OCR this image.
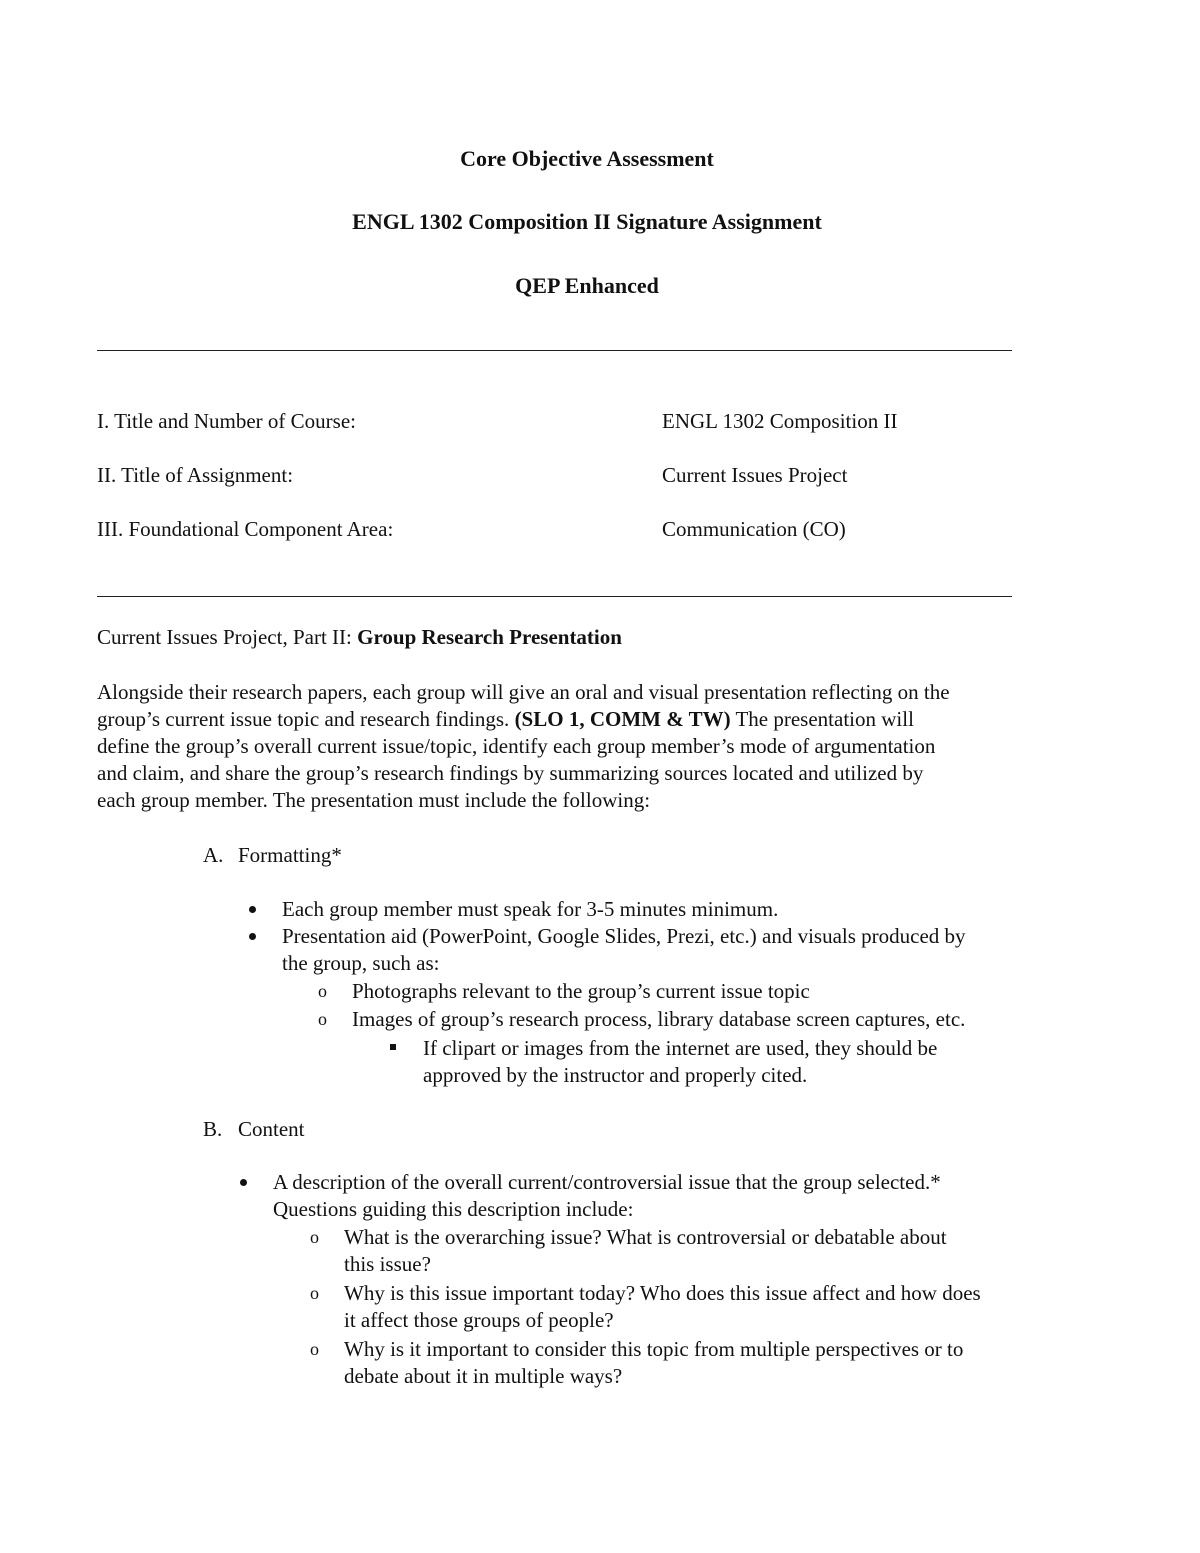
Core Objective Assessment
ENGL 1302 Composition II Signature Assignment
QEP Enhanced
I. Title and Number of Course:	ENGL 1302 Composition II
II. Title of Assignment:	Current Issues Project
III. Foundational Component Area:	Communication (CO)
Current Issues Project, Part II: Group Research Presentation

Alongside their research papers, each group will give an oral and visual presentation reflecting on the

group’s current issue topic and research findings. (SLO 1, COMM & TW) The presentation will

define the group’s overall current issue/topic, identify each group member’s mode of argumentation

and claim, and share the group’s research findings by summarizing sources located and utilized by

each group member. The presentation must include the following:

A. Formatting*
Each group member must speak for 3-5 minutes minimum.

Presentation aid (PowerPoint, Google Slides, Prezi, etc.) and visuals produced by

the group, such as:

o Photographs relevant to the group’s current issue topic
o Images of group’s research process, library database screen captures, etc.

If clipart or images from the internet are used, they should be

approved by the instructor and properly cited.

B. Content

A description of the overall current/controversial issue that the group selected.*

Questions guiding this description include:

o What is the overarching issue? What is controversial or debatable about

this issue?

o Why is this issue important today? Who does this issue affect and how does

it affect those groups of people?

o Why is it important to consider this topic from multiple perspectives or to

debate about it in multiple ways?
